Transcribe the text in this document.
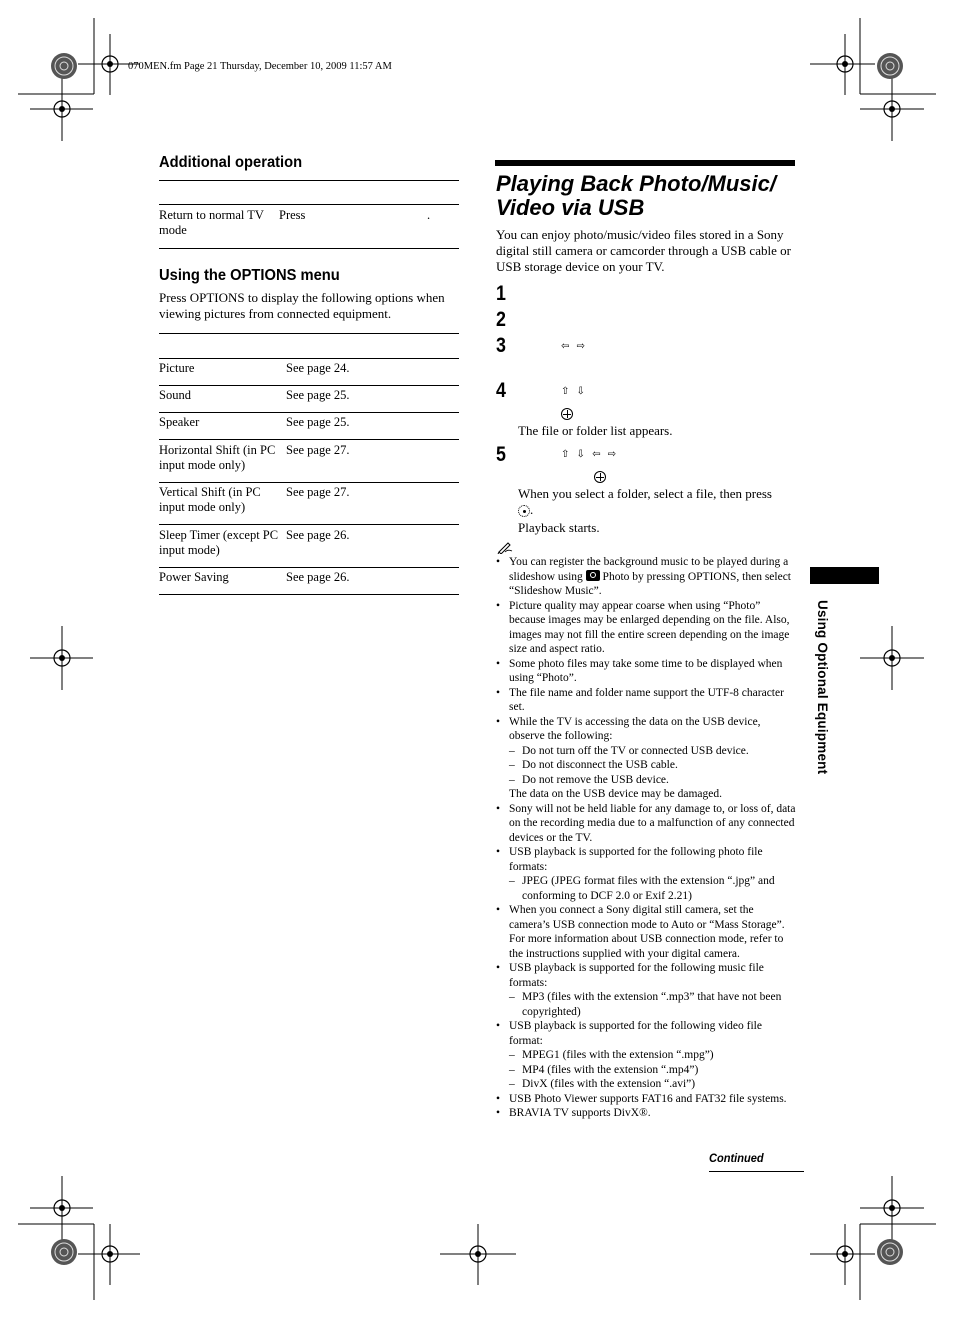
070MEN.fm Page 21 Thursday, December 10, 2009 11:57 AM
Additional operation
Return to normal TV mode
Press	.
Using the OPTIONS menu
Press OPTIONS to display the following options when viewing pictures from connected equipment.
Picture	See page 24.
Sound	See page 25.
Speaker	See page 25.
Horizontal Shift (in PC input mode only)
See page 27.
Vertical Shift (in PC input mode only)
See page 27.
Sleep Timer (except PC input mode)
See page 26.
Power Saving	See page 26.
Playing Back Photo/Music/
Video via USB
You can enjoy photo/music/video files stored in a Sony digital still camera or camcorder through a USB cable or USB storage device on your TV.
1
2
3	⇦ ⇨
4	⇧ ⇩
The file or folder list appears.
5	⇧ ⇩ ⇦ ⇨
When you select a folder, select a file, then press

.
Playback starts.
• You can register the background music to be played during a slideshow using Photo by pressing OPTIONS, then select “Slideshow Music”.
• Picture quality may appear coarse when using “Photo” because images may be enlarged depending on the file. Also, images may not fill the entire screen depending on the image size and aspect ratio.
• Some photo files may take some time to be displayed when using “Photo”.
• The file name and folder name support the UTF-8 character set.
• While the TV is accessing the data on the USB device, observe the following:
– Do not turn off the TV or connected USB device.
– Do not disconnect the USB cable.
– Do not remove the USB device.
The data on the USB device may be damaged.
• Sony will not be held liable for any damage to, or loss of, data on the recording media due to a malfunction of any connected devices or the TV.
• USB playback is supported for the following photo file formats:
– JPEG (JPEG format files with the extension “.jpg” and conforming to DCF 2.0 or Exif 2.21)
• When you connect a Sony digital still camera, set the camera’s USB connection mode to Auto or “Mass Storage”. For more information about USB connection mode, refer to the instructions supplied with your digital camera.
• USB playback is supported for the following music file formats:
– MP3 (files with the extension “.mp3” that have not been copyrighted)
• USB playback is supported for the following video file format:
– MPEG1 (files with the extension “.mpg”)
– MP4 (files with the extension “.mp4”)
– DivX (files with the extension “.avi”)
• USB Photo Viewer supports FAT16 and FAT32 file systems.
• BRAVIA TV supports DivX®.
Continued
Using Optional Equipment
